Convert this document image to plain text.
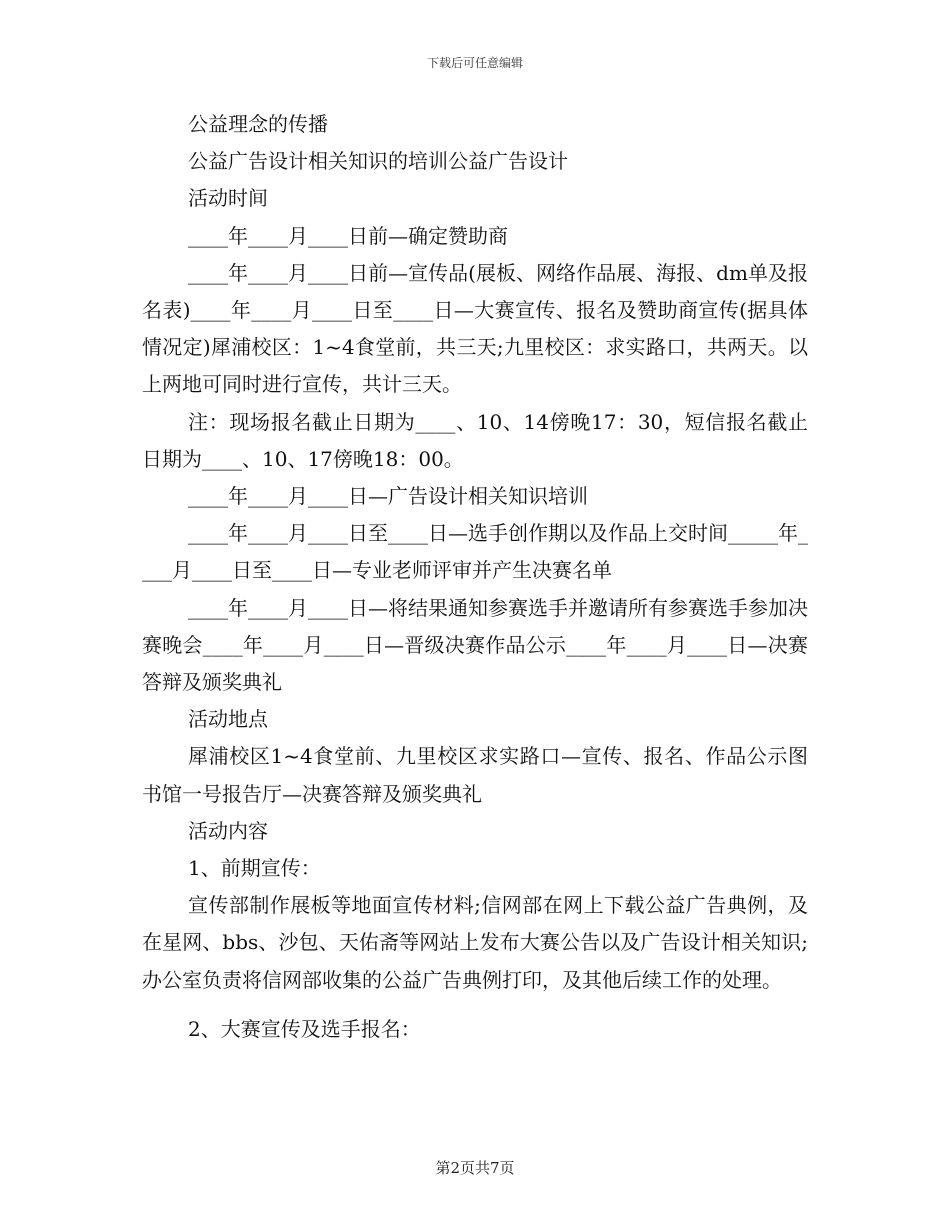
下载后可任意编辑

公益理念的传播

公益广告设计相关知识的培训公益广告设计

活动时间

____年____月____日前—确定赞助商

____年____月____日前—宣传品(展板、网络作品展、海报、dm单及报名表)____年____月____日至____日—大赛宣传、报名及赞助商宣传(据具体情况定)犀浦校区：1~4食堂前，共三天;九里校区：求实路口，共两天。以上两地可同时进行宣传，共计三天。

注：现场报名截止日期为____、10、14傍晚17：30，短信报名截止日期为____、10、17傍晚18：00。

____年____月____日—广告设计相关知识培训

____年____月____日至____日—选手创作期以及作品上交时间_____年____月____日至____日—专业老师评审并产生决赛名单

____年____月____日—将结果通知参赛选手并邀请所有参赛选手参加决赛晚会____年____月____日—晋级决赛作品公示____年____月____日—决赛答辩及颁奖典礼

活动地点

犀浦校区1~4食堂前、九里校区求实路口—宣传、报名、作品公示图书馆一号报告厅—决赛答辩及颁奖典礼

活动内容

1、前期宣传：

宣传部制作展板等地面宣传材料;信网部在网上下载公益广告典例，及在星网、bbs、沙包、天佑斋等网站上发布大赛公告以及广告设计相关知识;办公室负责将信网部收集的公益广告典例打印，及其他后续工作的处理。

2、大赛宣传及选手报名：

第2页共7页
